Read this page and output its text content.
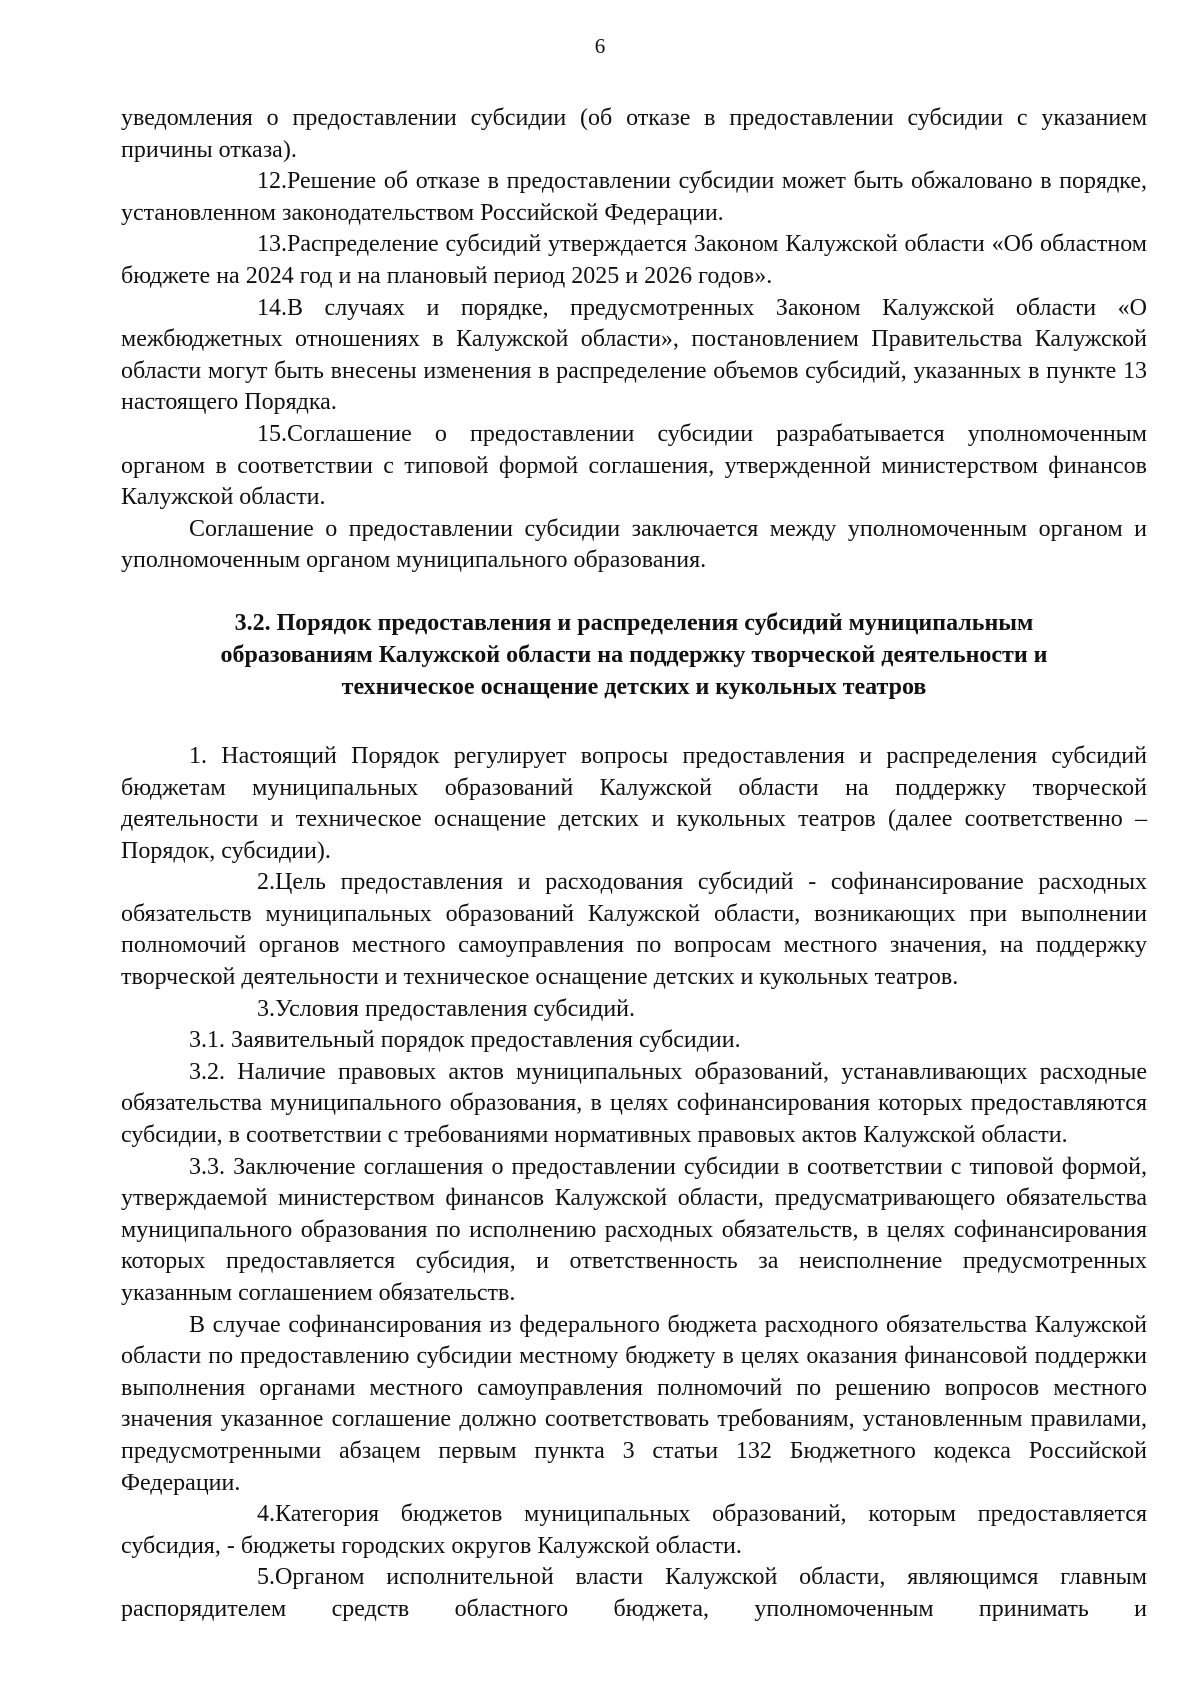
6

уведомления о предоставлении субсидии (об отказе в предоставлении субсидии с указанием причины отказа).

12.Решение об отказе в предоставлении субсидии может быть обжаловано в порядке, установленном законодательством Российской Федерации.

13.Распределение субсидий утверждается Законом Калужской области «Об областном бюджете на 2024 год и на плановый период 2025 и 2026 годов».

14.В случаях и порядке, предусмотренных Законом Калужской области «О межбюджетных отношениях в Калужской области», постановлением Правительства Калужской области могут быть внесены изменения в распределение объемов субсидий, указанных в пункте 13 настоящего Порядка.

15.Соглашение о предоставлении субсидии разрабатывается уполномоченным органом в соответствии с типовой формой соглашения, утвержденной министерством финансов Калужской области.

Соглашение о предоставлении субсидии заключается между уполномоченным органом и уполномоченным органом муниципального образования.

3.2. Порядок предоставления и распределения субсидий муниципальным
образованиям Калужской области на поддержку творческой деятельности и
техническое оснащение детских и кукольных театров

1. Настоящий Порядок регулирует вопросы предоставления и распределения субсидий бюджетам муниципальных образований Калужской области на поддержку творческой деятельности и техническое оснащение детских и кукольных театров (далее соответственно – Порядок, субсидии).

2.Цель предоставления и расходования субсидий - софинансирование расходных обязательств муниципальных образований Калужской области, возникающих при выполнении полномочий органов местного самоуправления по вопросам местного значения, на поддержку творческой деятельности и техническое оснащение детских и кукольных театров.

3.Условия предоставления субсидий.

3.1. Заявительный порядок предоставления субсидии.

3.2. Наличие правовых актов муниципальных образований, устанавливающих расходные обязательства муниципального образования, в целях софинансирования которых предоставляются субсидии, в соответствии с требованиями нормативных правовых актов Калужской области.

3.3. Заключение соглашения о предоставлении субсидии в соответствии с типовой формой, утверждаемой министерством финансов Калужской области, предусматривающего обязательства муниципального образования по исполнению расходных обязательств, в целях софинансирования которых предоставляется субсидия, и ответственность за неисполнение предусмотренных указанным соглашением обязательств.

В случае софинансирования из федерального бюджета расходного обязательства Калужской области по предоставлению субсидии местному бюджету в целях оказания финансовой поддержки выполнения органами местного самоуправления полномочий по решению вопросов местного значения указанное соглашение должно соответствовать требованиям, установленным правилами, предусмотренными абзацем первым пункта 3 статьи 132 Бюджетного кодекса Российской Федерации.

4.Категория бюджетов муниципальных образований, которым предоставляется субсидия, - бюджеты городских округов Калужской области.

5.Органом исполнительной власти Калужской области, являющимся главным распорядителем средств областного бюджета, уполномоченным принимать и
